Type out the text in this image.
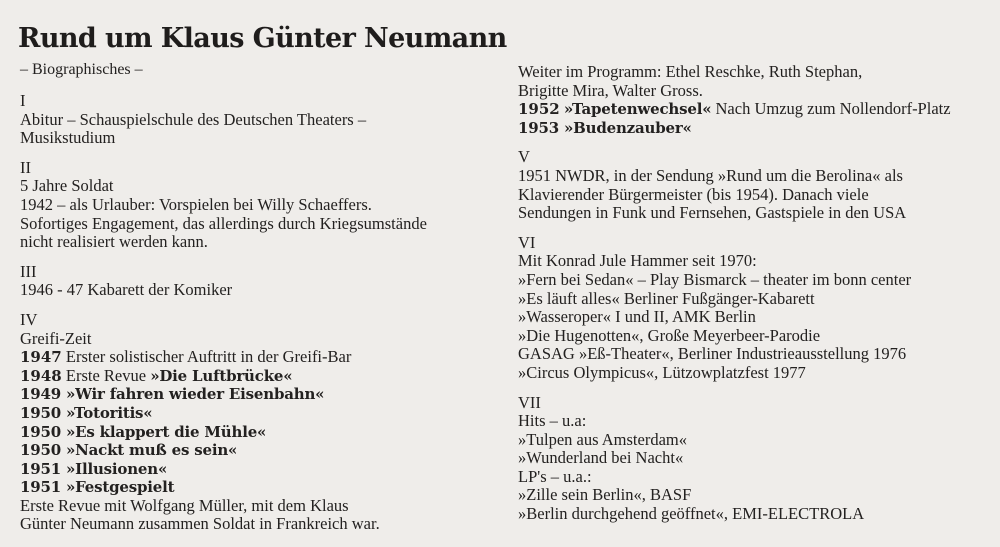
Rund um Klaus Günter Neumann
– Biographisches –
I
Abitur – Schauspielschule des Deutschen Theaters –
Musikstudium
II
5 Jahre Soldat
1942 – als Urlauber: Vorspielen bei Willy Schaeffers.
Sofortiges Engagement, das allerdings durch Kriegsumstände
nicht realisiert werden kann.
III
1946 - 47 Kabarett der Komiker
IV
Greifi-Zeit
1947 Erster solistischer Auftritt in der Greifi-Bar
1948 Erste Revue »Die Luftbrücke«
1949 »Wir fahren wieder Eisenbahn«
1950 »Totoritis«
1950 »Es klappert die Mühle«
1950 »Nackt muß es sein«
1951 »Illusionen«
1951 »Festgespielt
Erste Revue mit Wolfgang Müller, mit dem Klaus
Günter Neumann zusammen Soldat in Frankreich war.
Weiter im Programm: Ethel Reschke, Ruth Stephan,
Brigitte Mira, Walter Gross.
1952 »Tapetenwechsel« Nach Umzug zum Nollendorf-Platz
1953 »Budenzauber«
V
1951 NWDR, in der Sendung »Rund um die Berolina« als
Klavierender Bürgermeister (bis 1954). Danach viele
Sendungen in Funk und Fernsehen, Gastspiele in den USA
VI
Mit Konrad Jule Hammer seit 1970:
»Fern bei Sedan« – Play Bismarck – theater im bonn center
»Es läuft alles« Berliner Fußgänger-Kabarett
»Wasseroper« I und II, AMK Berlin
»Die Hugenotten«, Große Meyerbeer-Parodie
GASAG »Eß-Theater«, Berliner Industrieausstellung 1976
»Circus Olympicus«, Lützowplatzfest 1977
VII
Hits – u.a:
»Tulpen aus Amsterdam«
»Wunderland bei Nacht«
LP's – u.a.:
»Zille sein Berlin«, BASF
»Berlin durchgehend geöffnet«, EMI-ELECTROLA
